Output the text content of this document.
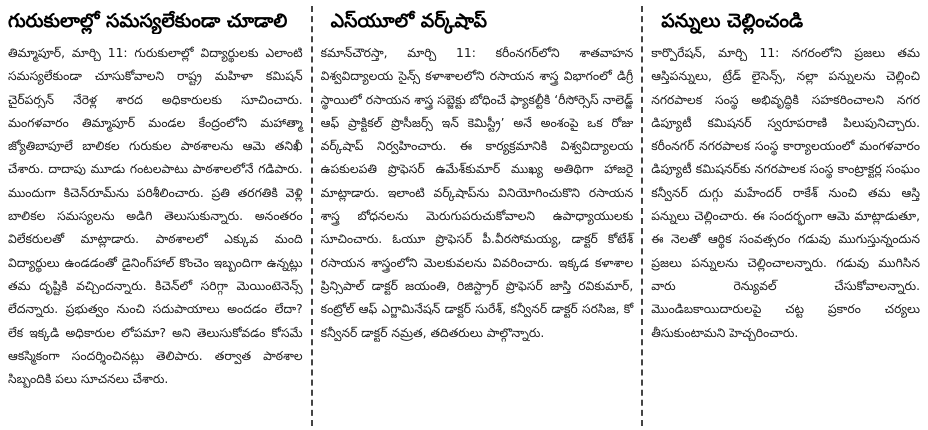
గురుకులాల్లో సమస్యలేకుండా చూడాలి

తిమ్మాపూర్‌, మార్చి 11: గురుకులాల్లో విద్యార్థులకు ఎలాంటి సమస్యలేకుండా చూసుకోవాలని రాష్ట్ర మహిళా కమిషన్‌ చైర్‌పర్సన్‌ నేరెళ్ల శారద అధికారులకు సూచించారు. మంగళవారం తిమ్మాపూర్‌ మండల కేంద్రంలోని మహాత్మా జ్యోతిబాపూలే బాలికల గురుకుల పాఠశాలను ఆమె తనిఖీ చేశారు. దాదాపు మూడు గంటలపాటు పాఠశాలలోనే గడిపారు. ముందుగా కిచెన్‌రూమ్‌ను పరిశీలించారు. ప్రతి తరగతికి వెళ్లి బాలికల సమస్యలను అడిగి తెలుసుకున్నారు. అనంతరం విలేకరులతో మాట్లాడారు. పాఠశాలలో ఎక్కువ మంది విద్యార్థులు ఉండడంతో డైనింగ్‌హాల్‌ కొంచెం ఇబ్బందిగా ఉన్నట్లు తమ దృష్టికి వచ్చిందన్నారు. కిచెన్‌లో సరిగ్గా మెయింటెనెన్స్‌ లేదన్నారు. ప్రభుత్వం నుంచి సదుపాయాలు అందడం లేదా? లేక ఇక్కడి అధికారుల లోపమా? అని తెలుసుకోవడం కోసమే ఆకస్మికంగా సందర్శించినట్లు తెలిపారు. తర్వాత పాఠశాల సిబ్బందికి పలు సూచనలు చేశారు.

ఎస్‌యూలో వర్క్‌షాప్‌

కమాన్‌చౌరస్తా, మార్చి 11: కరీంనగర్‌లోని శాతవాహన విశ్వవిద్యాలయ సైన్స్‌ కళాశాలలోని రసాయన శాస్త్ర విభాగంలో డిగ్రీ స్థాయిలో రసాయన శాస్త్ర సబ్జెక్టు బోధించే ఫ్యాకల్టీకి ‘రీసోర్సెస్‌ నాలెడ్జ్‌ ఆఫ్‌ ప్రాక్టికల్‌ ప్రొసీజర్స్‌ ఇన్‌ కెమిస్ట్రీ’ అనే అంశంపై ఒక రోజు వర్క్‌షాప్‌ నిర్వహించారు. ఈ కార్యక్రమానికి విశ్వవిద్యాలయ ఉపకులపతి ప్రొఫెసర్‌ ఉమేశ్‌కుమార్‌ ముఖ్య అతిథిగా హాజరై మాట్లాడారు. ఇలాంటి వర్క్‌షాప్‌ను వినియోగించుకొని రసాయన శాస్త్ర బోధనలను మెరుగుపరుచుకోవాలని ఉపాధ్యాయులకు సూచించారు. ఓయూ ప్రొఫెసర్‌ పీ.వీరసోమయ్య, డాక్టర్‌ కోటేశ్‌ రసాయన శాస్త్రంలోని మెలకువలను వివరించారు. ఇక్కడ కళాశాల ప్రిన్సిపాల్‌ డాక్టర్‌ జయంతి, రిజిస్ట్రార్‌ ప్రొఫెసర్‌ జాస్తి రవికుమార్‌, కంట్రోల్‌ ఆఫ్‌ ఎగ్జామినేషన్‌ డాక్టర్‌ సురేశ్‌, కన్వీనర్‌ డాక్టర్‌ సరసిజ, కో కన్వీనర్‌ డాక్టర్‌ నమ్రత, తదితరులు పాల్గొన్నారు.

పన్నులు చెల్లించండి

కార్పొరేషన్‌, మార్చి 11: నగరంలోని ప్రజలు తమ ఆస్తిపన్నులు, ట్రేడ్‌ లైసెన్స్‌, నల్లా పన్నులను చెల్లించి నగరపాలక సంస్థ అభివృద్ధికి సహకరించాలని నగర డిప్యూటీ కమిషనర్‌ స్వరూపరాణి పిలుపునిచ్చారు. కరీంనగర్‌ నగరపాలక సంస్థ కార్యాలయంలో మంగళవారం డిప్యూటీ కమిషనర్‌కు నగరపాలక సంస్థ కాంట్రాక్టర్ల సంఘం కన్వీనర్‌ దుగ్గు మహేందర్‌ రాకేశ్‌ నుంచి తమ ఆస్తి పన్నులు చెల్లించారు. ఈ సందర్భంగా ఆమె మాట్లాడుతూ, ఈ నెలతో ఆర్థిక సంవత్సరం గడువు ముగుస్తున్నందున ప్రజలు పన్నులను చెల్లించాలన్నారు. గడువు ముగిసిన వారు రెన్యువల్‌ చేసుకోవాలన్నారు. మొండిబకాయిదారులపై చట్ట ప్రకారం చర్యలు తీసుకుంటామని హెచ్చరించారు.
